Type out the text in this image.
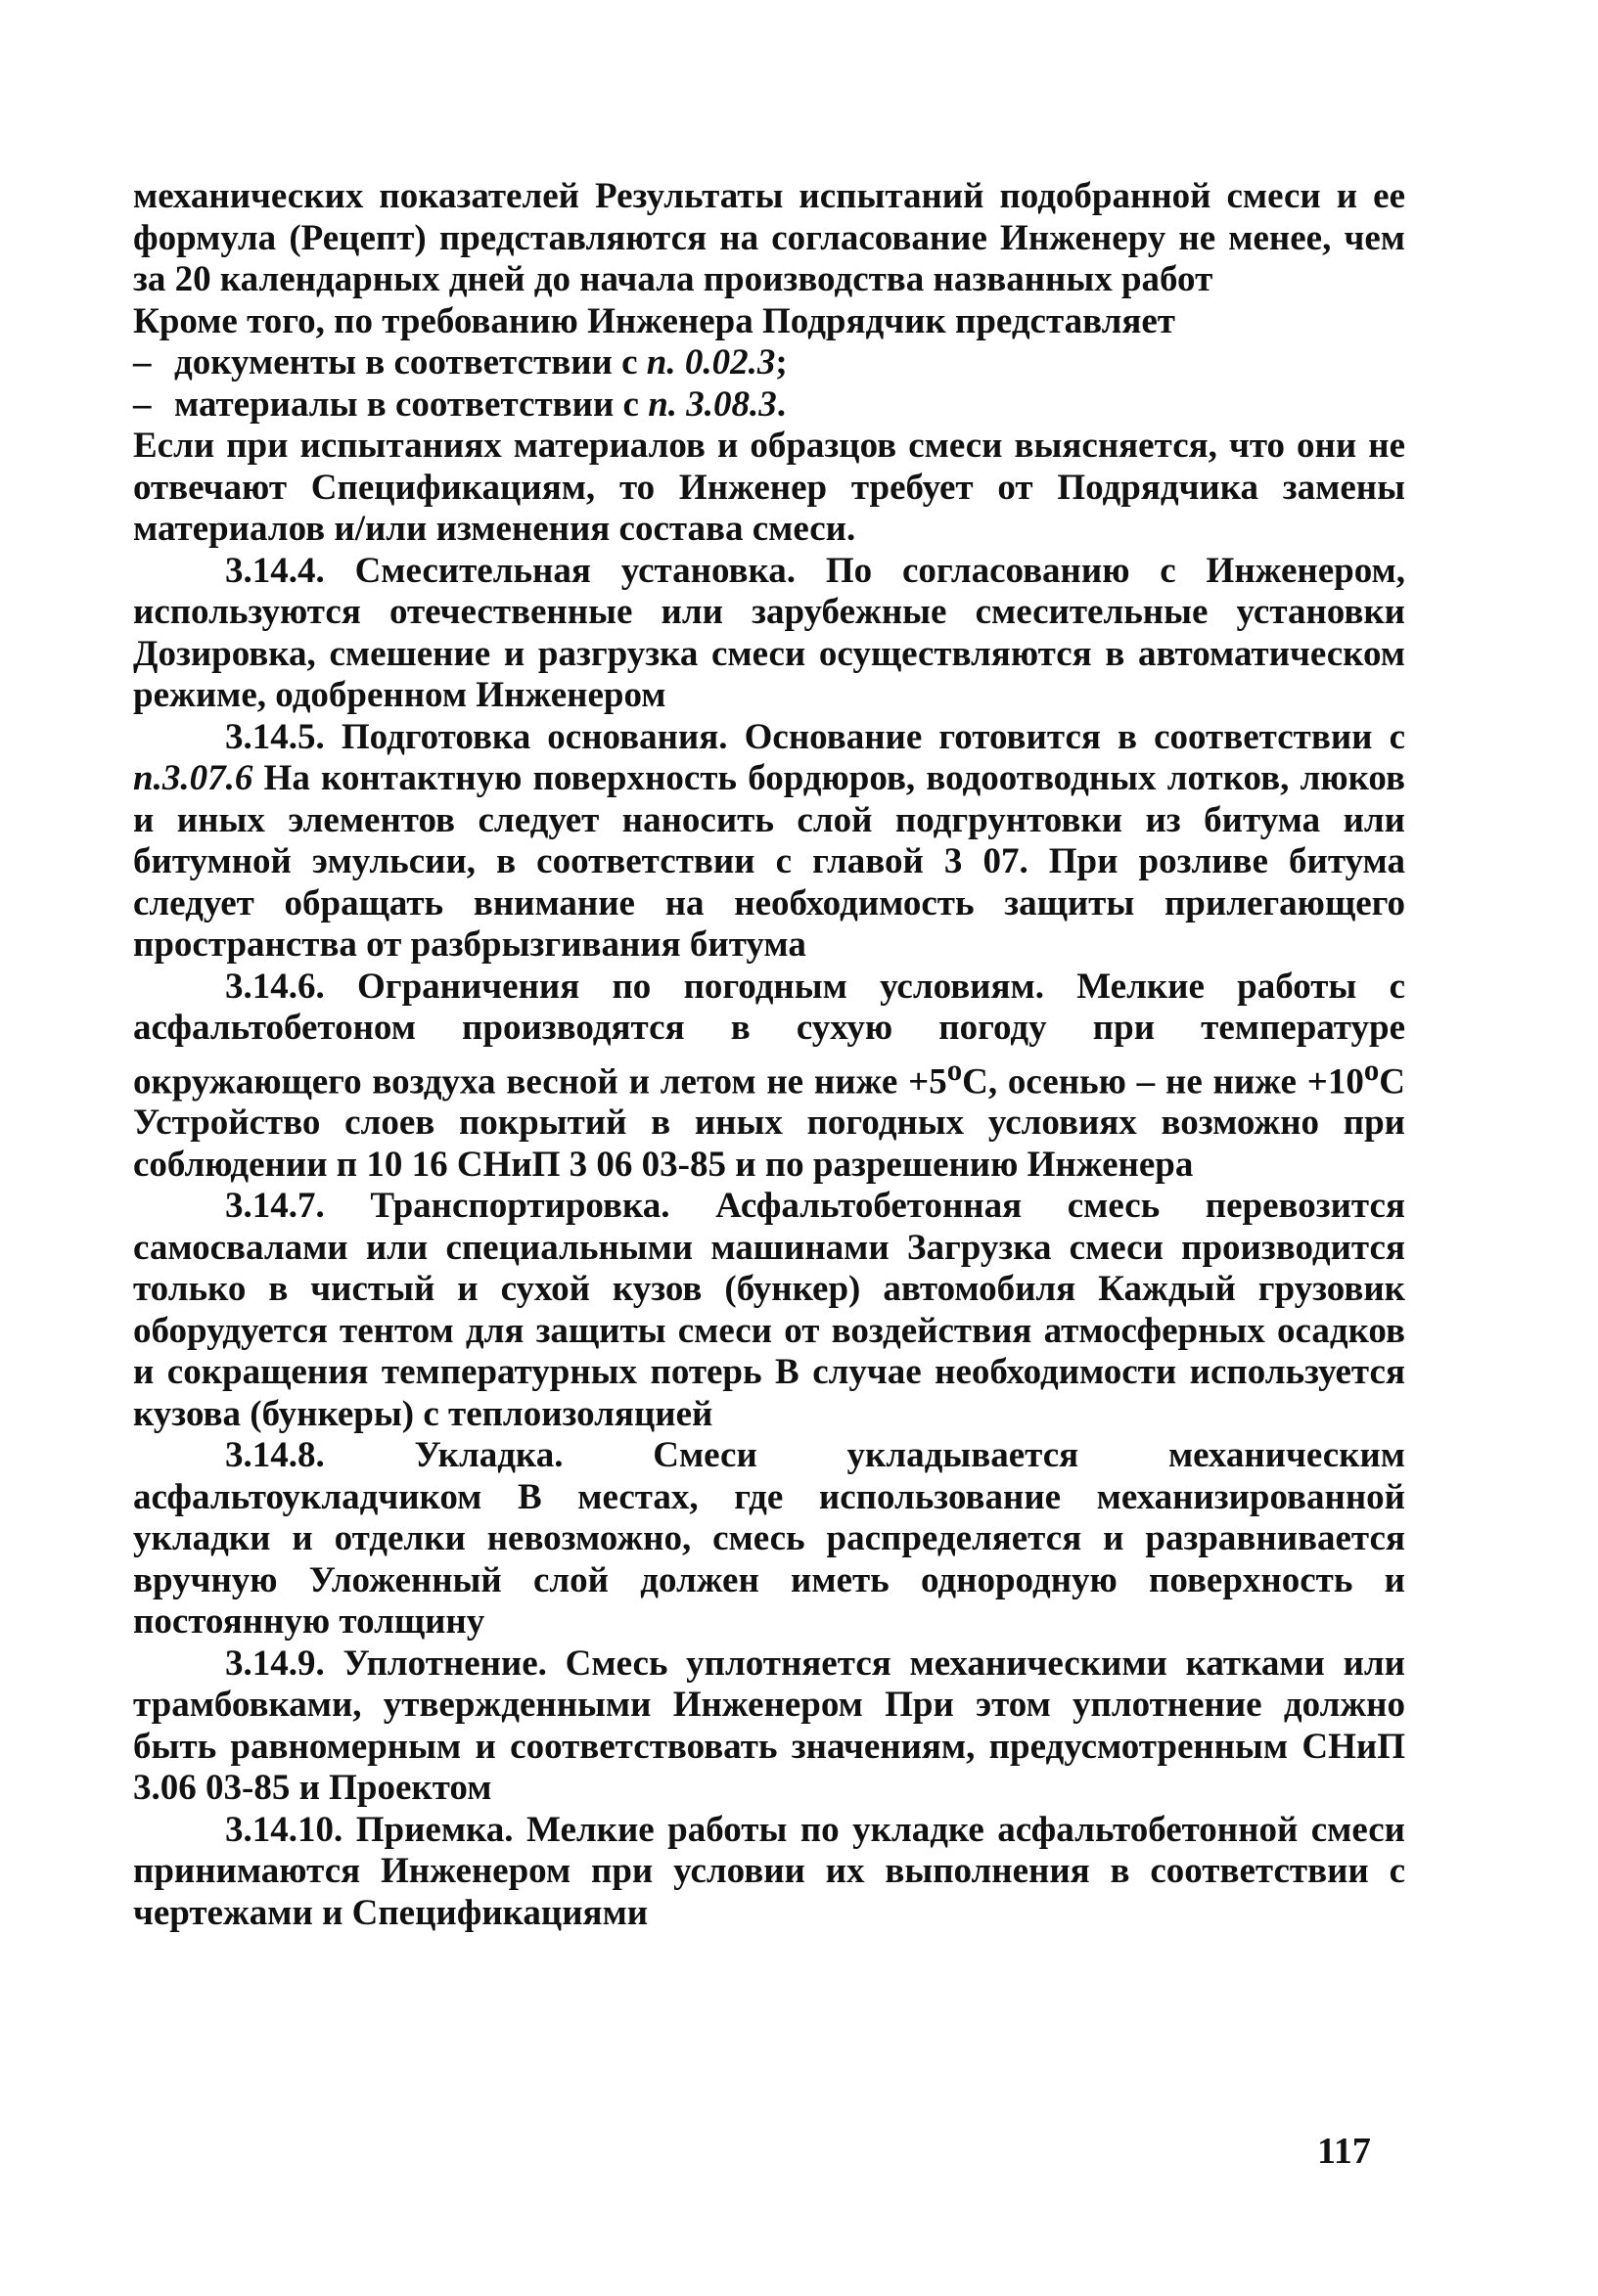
механических показателей Результаты испытаний подобранной смеси и ее формула (Рецепт) представляются на согласование Инженеру не менее, чем за 20 календарных дней до начала производства названных работ

Кроме того, по требованию Инженера Подрядчик представляет

– документы в соответствии с п. 0.02.3;
– материалы в соответствии с п. 3.08.3.

Если при испытаниях материалов и образцов смеси выясняется, что они не отвечают Спецификациям, то Инженер требует от Подрядчика замены материалов и/или изменения состава смеси.

3.14.4. Смесительная установка. По согласованию с Инженером, используются отечественные или зарубежные смесительные установки Дозировка, смешение и разгрузка смеси осуществляются в автоматическом режиме, одобренном Инженером

3.14.5. Подготовка основания. Основание готовится в соответствии с п.3.07.6 На контактную поверхность бордюров, водоотводных лотков, люков и иных элементов следует наносить слой подгрунтовки из битума или битумной эмульсии, в соответствии с главой 3 07. При розливе битума следует обращать внимание на необходимость защиты прилегающего пространства от разбрызгивания битума

3.14.6. Ограничения по погодным условиям. Мелкие работы с асфальтобетоном производятся в сухую погоду при температуре окружающего воздуха весной и летом не ниже $+5^оС$, осенью – не ниже $+10^оС$ Устройство слоев покрытий в иных погодных условиях возможно при соблюдении п 10 16 СНиП 3 06 03-85 и по разрешению Инженера

3.14.7. Транспортировка. Асфальтобетонная смесь перевозится самосвалами или специальными машинами Загрузка смеси производится только в чистый и сухой кузов (бункер) автомобиля Каждый грузовик оборудуется тентом для защиты смеси от воздействия атмосферных осадков и сокращения температурных потерь В случае необходимости используется кузова (бункеры) с теплоизоляцией

3.14.8. Укладка. Смеси укладывается механическим асфальтоукладчиком В местах, где использование механизированной укладки и отделки невозможно, смесь распределяется и разравнивается вручную Уложенный слой должен иметь однородную поверхность и постоянную толщину

3.14.9. Уплотнение. Смесь уплотняется механическими катками или трамбовками, утвержденными Инженером При этом уплотнение должно быть равномерным и соответствовать значениям, предусмотренным СНиП 3.06 03-85 и Проектом

3.14.10. Приемка. Мелкие работы по укладке асфальтобетонной смеси принимаются Инженером при условии их выполнения в соответствии с чертежами и Спецификациями

117
